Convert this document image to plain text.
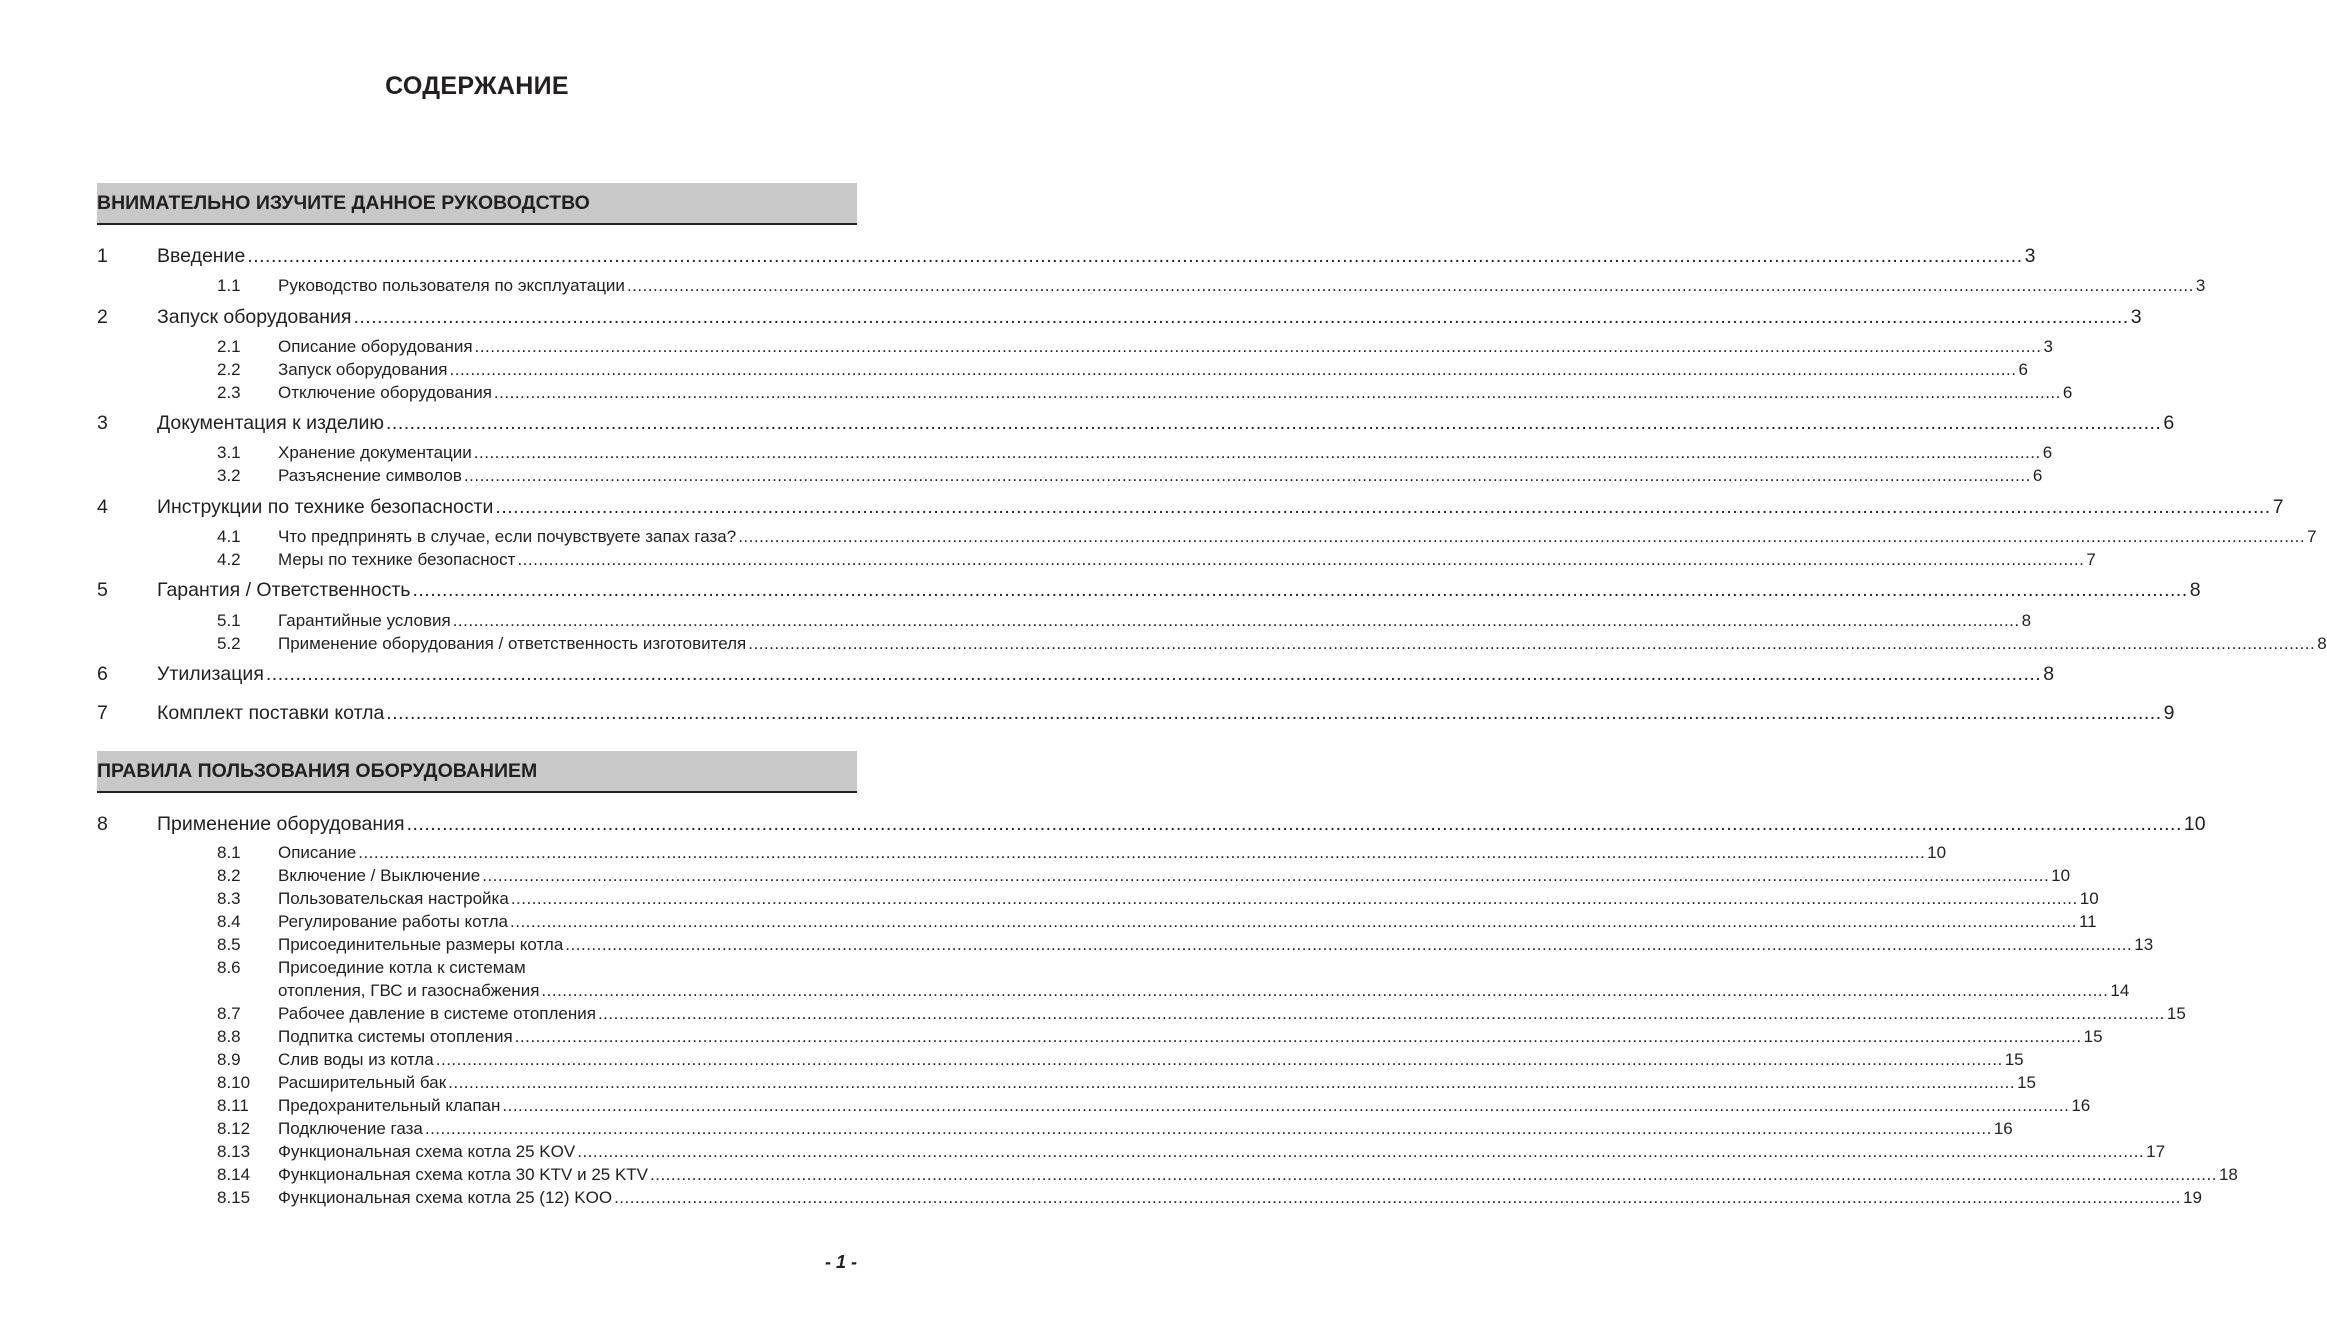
СОДЕРЖАНИЕ
ВНИМАТЕЛЬНО ИЗУЧИТЕ ДАННОЕ РУКОВОДСТВО
1	Введение ............................................................................................................................................................................................................................................................................................................ 3
1.1 Руководство пользователя по эксплуатации ............................................................................................................................................................................................................................................................................................................ 3
2	Запуск оборудования ............................................................................................................................................................................................................................................................................................................ 3
2.1 Описание оборудования ............................................................................................................................................................................................................................................................................................................ 3
2.2 Запуск оборудования ............................................................................................................................................................................................................................................................................................................ 6
2.3 Отключение оборудования ............................................................................................................................................................................................................................................................................................................ 6
3	Документация к изделию ............................................................................................................................................................................................................................................................................................................ 6
3.1 Хранение документации ............................................................................................................................................................................................................................................................................................................ 6
3.2 Разъяснение символов ............................................................................................................................................................................................................................................................................................................ 6
4	Инструкции по технике безопасности ............................................................................................................................................................................................................................................................................................................ 7
4.1 Что предпринять в случае, если почувствуете запах газа? ............................................................................................................................................................................................................................................................................................................ 7
4.2 Меры по технике безопасност ............................................................................................................................................................................................................................................................................................................ 7
5	Гарантия / Ответственность ............................................................................................................................................................................................................................................................................................................ 8
5.1 Гарантийные условия ............................................................................................................................................................................................................................................................................................................ 8
5.2 Применение оборудования / ответственность изготовителя ............................................................................................................................................................................................................................................................................................................ 8
6	Утилизация ............................................................................................................................................................................................................................................................................................................ 8
7	Комплект поставки котла ............................................................................................................................................................................................................................................................................................................ 9
ПРАВИЛА ПОЛЬЗОВАНИЯ ОБОРУДОВАНИЕМ
8	Применение оборудования ............................................................................................................................................................................................................................................................................................................ 10
8.1 Описание ............................................................................................................................................................................................................................................................................................................ 10
8.2 Включение / Выключение ............................................................................................................................................................................................................................................................................................................ 10
8.3 Пользовательская настройка ............................................................................................................................................................................................................................................................................................................ 10
8.4 Регулирование работы котла ............................................................................................................................................................................................................................................................................................................ 11
8.5 Присоединительные размеры котла ............................................................................................................................................................................................................................................................................................................ 13
8.6 Присоединие котла к системам
отопления, ГВС и газоснабжения ............................................................................................................................................................................................................................................................................................................ 14
8.7 Рабочее давление в системе отопления ............................................................................................................................................................................................................................................................................................................ 15
8.8 Подпитка системы отопления ............................................................................................................................................................................................................................................................................................................ 15
8.9 Слив воды из котла ............................................................................................................................................................................................................................................................................................................ 15
8.10 Расширительный бак ............................................................................................................................................................................................................................................................................................................ 15
8.11 Предохранительный клапан ............................................................................................................................................................................................................................................................................................................ 16
8.12 Подключение газа ............................................................................................................................................................................................................................................................................................................ 16
8.13 Функциональная схема котла 25 KOV ............................................................................................................................................................................................................................................................................................................ 17
8.14 Функциональная схема котла 30 KTV и 25 KTV ............................................................................................................................................................................................................................................................................................................ 18
8.15 Функциональная схема котла 25 (12) KOO ............................................................................................................................................................................................................................................................................................................ 19
- 1 -
